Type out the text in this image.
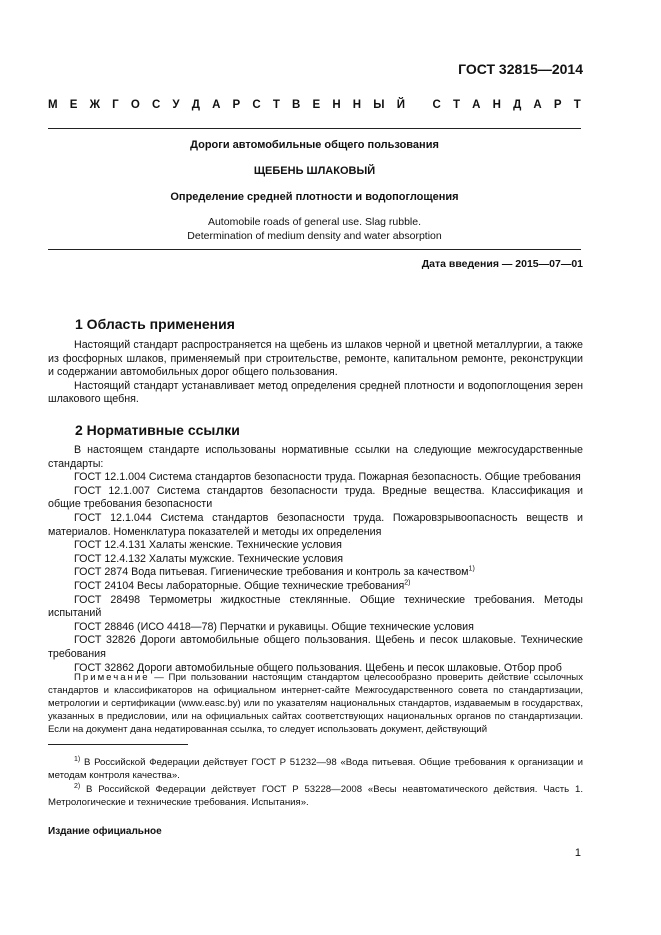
ГОСТ 32815—2014
М Е Ж Г О С У Д А Р С Т В Е Н Н Ы Й
С Т А Н Д А Р Т
Дороги автомобильные общего пользования
ЩЕБЕНЬ ШЛАКОВЫЙ
Определение средней плотности и водопоглощения
Automobile roads of general use. Slag rubble.
Determination of medium density and water absorption
Дата введения — 2015—07—01
1 Область применения

Настоящий стандарт распространяется на щебень из шлаков черной и цветной металлургии, а также из фосфорных шлаков, применяемый при строительстве, ремонте, капитальном ремонте, реконструкции и содержании автомобильных дорог общего пользования.

Настоящий стандарт устанавливает метод определения средней плотности и водопоглощения зерен шлакового щебня.

2 Нормативные ссылки

В настоящем стандарте использованы нормативные ссылки на следующие межгосударственные стандарты:

ГОСТ 12.1.004 Система стандартов безопасности труда. Пожарная безопасность. Общие требования

ГОСТ 12.1.007 Система стандартов безопасности труда. Вредные вещества. Классификация и общие требования безопасности

ГОСТ 12.1.044 Система стандартов безопасности труда. Пожаровзрывоопасность веществ и материалов. Номенклатура показателей и методы их определения

ГОСТ 12.4.131 Халаты женские. Технические условия

ГОСТ 12.4.132 Халаты мужские. Технические условия

ГОСТ 2874 Вода питьевая. Гигиенические требования и контроль за качеством$^{1)}$

ГОСТ 24104 Весы лабораторные. Общие технические требования$^{2)}$

ГОСТ 28498 Термометры жидкостные стеклянные. Общие технические требования. Методы испытаний

ГОСТ 28846 (ИСО 4418—78) Перчатки и рукавицы. Общие технические условия

ГОСТ 32826 Дороги автомобильные общего пользования. Щебень и песок шлаковые. Технические требования

ГОСТ 32862 Дороги автомобильные общего пользования. Щебень и песок шлаковые. Отбор проб

Примечание — При пользовании настоящим стандартом целесообразно проверить действие ссылочных стандартов и классификаторов на официальном интернет-сайте Межгосударственного совета по стандартизации, метрологии и сертификации (www.easc.by) или по указателям национальных стандартов, издаваемым в государствах, указанных в предисловии, или на официальных сайтах соответствующих национальных органов по стандартизации. Если на документ дана недатированная ссылка, то следует использовать документ, действующий

$^{1)}$ В Российской Федерации действует ГОСТ Р 51232—98 «Вода питьевая. Общие требования к организации и методам контроля качества».

$^{2)}$ В Российской Федерации действует ГОСТ Р 53228—2008 «Весы неавтоматического действия. Часть 1. Метрологические и технические требования. Испытания».

Издание официальное
1
